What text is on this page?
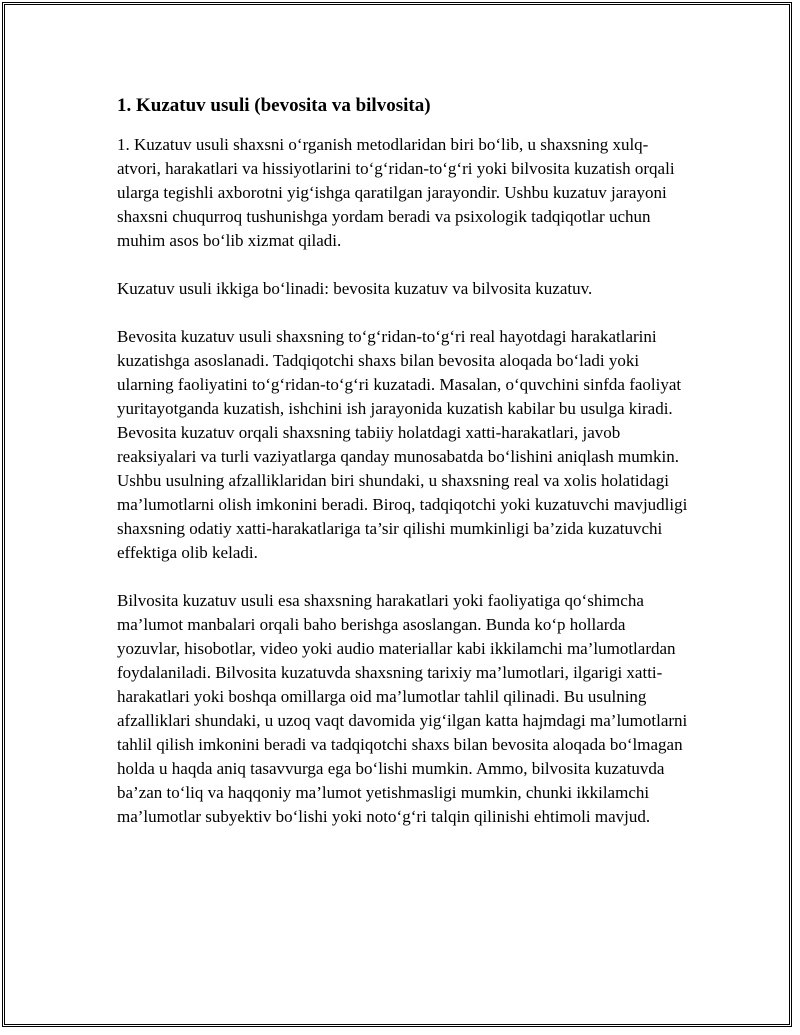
1. Kuzatuv usuli (bevosita va bilvosita)

1. Kuzatuv usuli shaxsni o‘rganish metodlaridan biri bo‘lib, u shaxsning xulq-atvori, harakatlari va hissiyotlarini to‘g‘ridan-to‘g‘ri yoki bilvosita kuzatish orqali ularga tegishli axborotni yig‘ishga qaratilgan jarayondir. Ushbu kuzatuv jarayoni shaxsni chuqurroq tushunishga yordam beradi va psixologik tadqiqotlar uchun muhim asos bo‘lib xizmat qiladi.

Kuzatuv usuli ikkiga bo‘linadi: bevosita kuzatuv va bilvosita kuzatuv.

Bevosita kuzatuv usuli shaxsning to‘g‘ridan-to‘g‘ri real hayotdagi harakatlarini kuzatishga asoslanadi. Tadqiqotchi shaxs bilan bevosita aloqada bo‘ladi yoki ularning faoliyatini to‘g‘ridan-to‘g‘ri kuzatadi. Masalan, o‘quvchini sinfda faoliyat yuritayotganda kuzatish, ishchini ish jarayonida kuzatish kabilar bu usulga kiradi. Bevosita kuzatuv orqali shaxsning tabiiy holatdagi xatti-harakatlari, javob reaksiyalari va turli vaziyatlarga qanday munosabatda bo‘lishini aniqlash mumkin. Ushbu usulning afzalliklaridan biri shundaki, u shaxsning real va xolis holatidagi ma’lumotlarni olish imkonini beradi. Biroq, tadqiqotchi yoki kuzatuvchi mavjudligi shaxsning odatiy xatti-harakatlariga ta’sir qilishi mumkinligi ba’zida kuzatuvchi effektiga olib keladi.

Bilvosita kuzatuv usuli esa shaxsning harakatlari yoki faoliyatiga qo‘shimcha ma’lumot manbalari orqali baho berishga asoslangan. Bunda ko‘p hollarda yozuvlar, hisobotlar, video yoki audio materiallar kabi ikkilamchi ma’lumotlardan foydalaniladi. Bilvosita kuzatuvda shaxsning tarixiy ma’lumotlari, ilgarigi xatti-harakatlari yoki boshqa omillarga oid ma’lumotlar tahlil qilinadi. Bu usulning afzalliklari shundaki, u uzoq vaqt davomida yig‘ilgan katta hajmdagi ma’lumotlarni tahlil qilish imkonini beradi va tadqiqotchi shaxs bilan bevosita aloqada bo‘lmagan holda u haqda aniq tasavvurga ega bo‘lishi mumkin. Ammo, bilvosita kuzatuvda ba’zan to‘liq va haqqoniy ma’lumot yetishmasligi mumkin, chunki ikkilamchi ma’lumotlar subyektiv bo‘lishi yoki noto‘g‘ri talqin qilinishi ehtimoli mavjud.
